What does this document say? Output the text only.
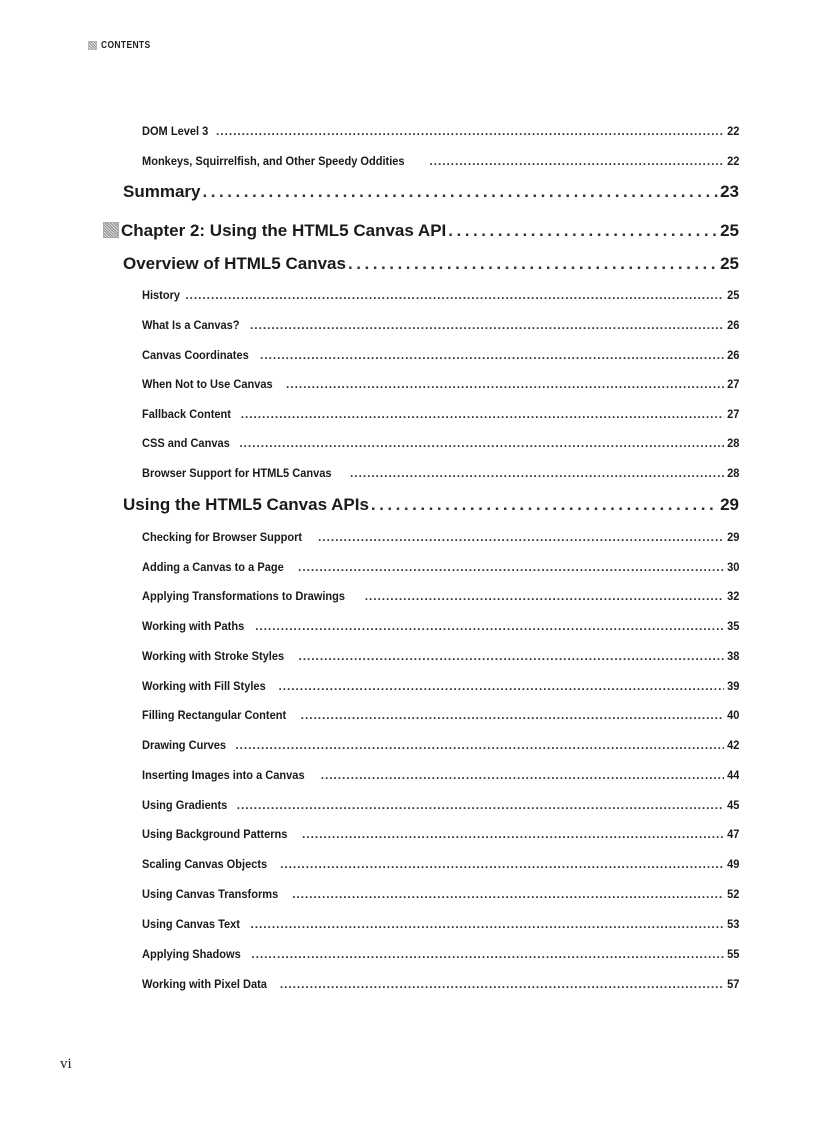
CONTENTS
DOM Level 3 . . .	22
Monkeys, Squirrelfish, and Other Speedy Oddities . . .	22
Summary . . .	23
Chapter 2: Using the HTML5 Canvas API . . .	25
Overview of HTML5 Canvas . . .	25
History . . .	25
What Is a Canvas? . . .	26
Canvas Coordinates . . .	26
When Not to Use Canvas . . .	27
Fallback Content . . .	27
CSS and Canvas . . .	28
Browser Support for HTML5 Canvas . . .	28
Using the HTML5 Canvas APIs . . .	29
Checking for Browser Support . . .	29
Adding a Canvas to a Page . . .	30
Applying Transformations to Drawings . . .	32
Working with Paths . . .	35
Working with Stroke Styles . . .	38
Working with Fill Styles . . .	39
Filling Rectangular Content . . .	40
Drawing Curves . . .	42
Inserting Images into a Canvas . . .	44
Using Gradients . . .	45
Using Background Patterns . . .	47
Scaling Canvas Objects . . .	49
Using Canvas Transforms . . .	52
Using Canvas Text . . .	53
Applying Shadows . . .	55
Working with Pixel Data . . .	57
vi
